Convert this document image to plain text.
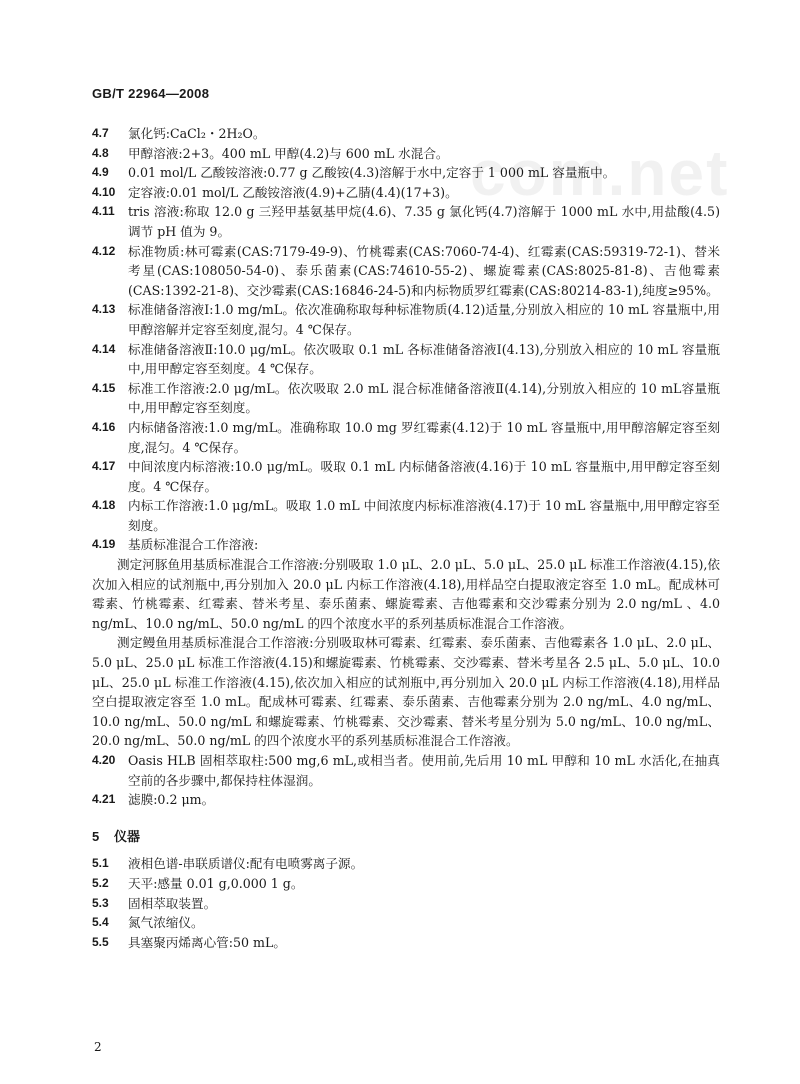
GB/T 22964—2008
com.net
4.7	氯化钙:CaCl₂・2H₂O。
4.8	甲醇溶液:2+3。400 mL 甲醇(4.2)与 600 mL 水混合。
4.9	0.01 mol/L 乙酸铵溶液:0.77 g 乙酸铵(4.3)溶解于水中,定容于 1 000 mL 容量瓶中。
4.10	定容液:0.01 mol/L 乙酸铵溶液(4.9)+乙腈(4.4)(17+3)。
4.11	tris 溶液:称取 12.0 g 三羟甲基氨基甲烷(4.6)、7.35 g 氯化钙(4.7)溶解于 1000 mL 水中,用盐酸(4.5)调节 pH 值为 9。
4.12	标准物质:林可霉素(CAS:7179-49-9)、竹桃霉素(CAS:7060-74-4)、红霉素(CAS:59319-72-1)、替米考星(CAS:108050-54-0)、泰乐菌素(CAS:74610-55-2)、螺旋霉素(CAS:8025-81-8)、吉他霉素(CAS:1392-21-8)、交沙霉素(CAS:16846-24-5)和内标物质罗红霉素(CAS:80214-83-1),纯度≥95%。
4.13	标准储备溶液Ⅰ:1.0 mg/mL。依次准确称取每种标准物质(4.12)适量,分别放入相应的 10 mL 容量瓶中,用甲醇溶解并定容至刻度,混匀。4 ℃保存。
4.14	标准储备溶液Ⅱ:10.0 μg/mL。依次吸取 0.1 mL 各标准储备溶液Ⅰ(4.13),分别放入相应的 10 mL 容量瓶中,用甲醇定容至刻度。4 ℃保存。
4.15	标准工作溶液:2.0 μg/mL。依次吸取 2.0 mL 混合标准储备溶液Ⅱ(4.14),分别放入相应的 10 mL容量瓶中,用甲醇定容至刻度。
4.16	内标储备溶液:1.0 mg/mL。准确称取 10.0 mg 罗红霉素(4.12)于 10 mL 容量瓶中,用甲醇溶解定容至刻度,混匀。4 ℃保存。
4.17	中间浓度内标溶液:10.0 μg/mL。吸取 0.1 mL 内标储备溶液(4.16)于 10 mL 容量瓶中,用甲醇定容至刻度。4 ℃保存。
4.18	内标工作溶液:1.0 μg/mL。吸取 1.0 mL 中间浓度内标标准溶液(4.17)于 10 mL 容量瓶中,用甲醇定容至刻度。
4.19	基质标准混合工作溶液:

测定河豚鱼用基质标准混合工作溶液:分别吸取 1.0 μL、2.0 μL、5.0 μL、25.0 μL 标准工作溶液(4.15),依次加入相应的试剂瓶中,再分别加入 20.0 μL 内标工作溶液(4.18),用样品空白提取液定容至 1.0 mL。配成林可霉素、竹桃霉素、红霉素、替米考星、泰乐菌素、螺旋霉素、吉他霉素和交沙霉素分别为 2.0 ng/mL 、4.0 ng/mL、10.0 ng/mL、50.0 ng/mL 的四个浓度水平的系列基质标准混合工作溶液。

测定鳗鱼用基质标准混合工作溶液:分别吸取林可霉素、红霉素、泰乐菌素、吉他霉素各 1.0 μL、2.0 μL、5.0 μL、25.0 μL 标准工作溶液(4.15)和螺旋霉素、竹桃霉素、交沙霉素、替米考星各 2.5 μL、5.0 μL、10.0 μL、25.0 μL 标准工作溶液(4.15),依次加入相应的试剂瓶中,再分别加入 20.0 μL 内标工作溶液(4.18),用样品空白提取液定容至 1.0 mL。配成林可霉素、红霉素、泰乐菌素、吉他霉素分别为 2.0 ng/mL、4.0 ng/mL、10.0 ng/mL、50.0 ng/mL 和螺旋霉素、竹桃霉素、交沙霉素、替米考星分别为 5.0 ng/mL、10.0 ng/mL、20.0 ng/mL、50.0 ng/mL 的四个浓度水平的系列基质标准混合工作溶液。

4.20	Oasis HLB 固相萃取柱:500 mg,6 mL,或相当者。使用前,先后用 10 mL 甲醇和 10 mL 水活化,在抽真空前的各步骤中,都保持柱体湿润。
4.21	滤膜:0.2 μm。
5	仪器
5.1	液相色谱-串联质谱仪:配有电喷雾离子源。
5.2	天平:感量 0.01 g,0.000 1 g。
5.3	固相萃取装置。
5.4	氮气浓缩仪。
5.5	具塞聚丙烯离心管:50 mL。
2
